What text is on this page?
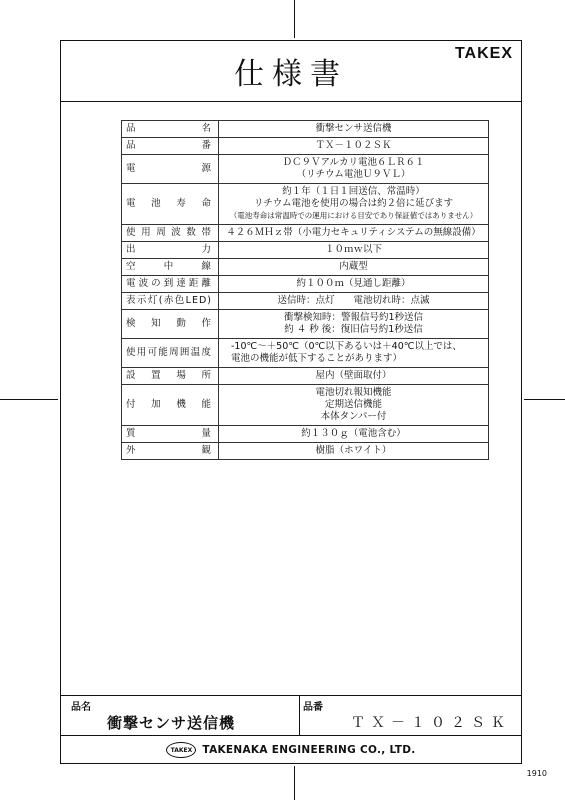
仕様書
TAKEX
品名	衝撃センサ送信機

品番	ＴＸ－１０２ＳＫ

電源	ＤＣ９Ｖアルカリ電池６ＬＲ６１
（リチウム電池Ｕ９ＶＬ）

電池寿命	約１年（１日１回送信、常温時）
リチウム電池を使用の場合は約２倍に延びます
（電池寿命は常温時での運用における目安であり保証値ではありません）

使用周波数帯	４２６ＭＨｚ帯（小電力セキュリティシステムの無線設備）

出力	１０ｍｗ以下

空中線	内蔵型

電波の到達距離	約１００ｍ（見通し距離）

表示灯(赤色LED)	送信時：点灯　　電池切れ時：点滅

検知動作	衝撃検知時：警報信号約1秒送信
約 ４ 秒 後：復旧信号約1秒送信

使用可能周囲温度	-10℃～＋50℃（0℃以下あるいは＋40℃以上では、
電池の機能が低下することがあります）

設置場所	屋内（壁面取付）

付加機能	電池切れ報知機能
定期送信機能
本体タンパー付

質量	約１３０ｇ（電池含む）

外観	樹脂（ホワイト）
品名
衝撃センサ送信機
品番
ＴＸ－１０２ＳＫ
TAKEX TAKENAKA ENGINEERING CO., LTD.
1910
